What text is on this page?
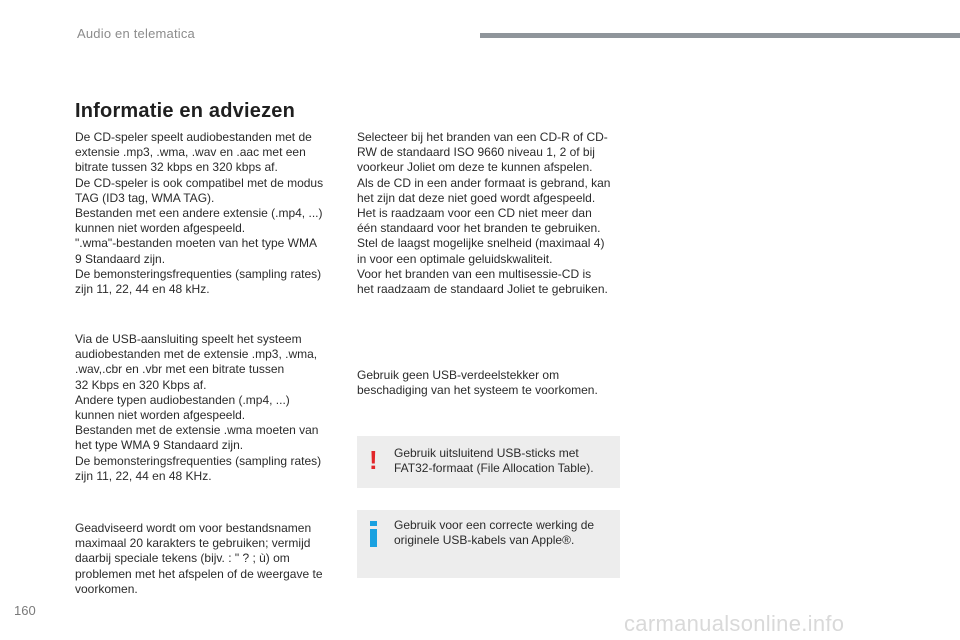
Audio en telematica
Informatie en adviezen

De CD-speler speelt audiobestanden met de
extensie .mp3, .wma, .wav en .aac met een
bitrate tussen 32 kbps en 320 kbps af.
De CD-speler is ook compatibel met de modus
TAG (ID3 tag, WMA TAG).
Bestanden met een andere extensie (.mp4, ...)
kunnen niet worden afgespeeld.
".wma"-bestanden moeten van het type WMA
9 Standaard zijn.
De bemonsteringsfrequenties (sampling rates)
zijn 11, 22, 44 en 48 kHz.

Via de USB-aansluiting speelt het systeem
audiobestanden met de extensie .mp3, .wma,
.wav,.cbr en .vbr met een bitrate tussen
32 Kbps en 320 Kbps af.
Andere typen audiobestanden (.mp4, ...)
kunnen niet worden afgespeeld.
Bestanden met de extensie .wma moeten van
het type WMA 9 Standaard zijn.
De bemonsteringsfrequenties (sampling rates)
zijn 11, 22, 44 en 48 KHz.

Geadviseerd wordt om voor bestandsnamen
maximaal 20 karakters te gebruiken; vermijd
daarbij speciale tekens (bijv. : " ? ; ù) om
problemen met het afspelen of de weergave te
voorkomen.

Selecteer bij het branden van een CD-R of CD-
RW de standaard ISO 9660 niveau 1, 2 of bij
voorkeur Joliet om deze te kunnen afspelen.
Als de CD in een ander formaat is gebrand, kan
het zijn dat deze niet goed wordt afgespeeld.
Het is raadzaam voor een CD niet meer dan
één standaard voor het branden te gebruiken.
Stel de laagst mogelijke snelheid (maximaal 4)
in voor een optimale geluidskwaliteit.
Voor het branden van een multisessie-CD is
het raadzaam de standaard Joliet te gebruiken.

Gebruik geen USB-verdeelstekker om
beschadiging van het systeem te voorkomen.

! Gebruik uitsluitend USB-sticks met
FAT32-formaat (File Allocation Table).

Gebruik voor een correcte werking de
originele USB-kabels van Apple®.

160
carmanualsonline.info
